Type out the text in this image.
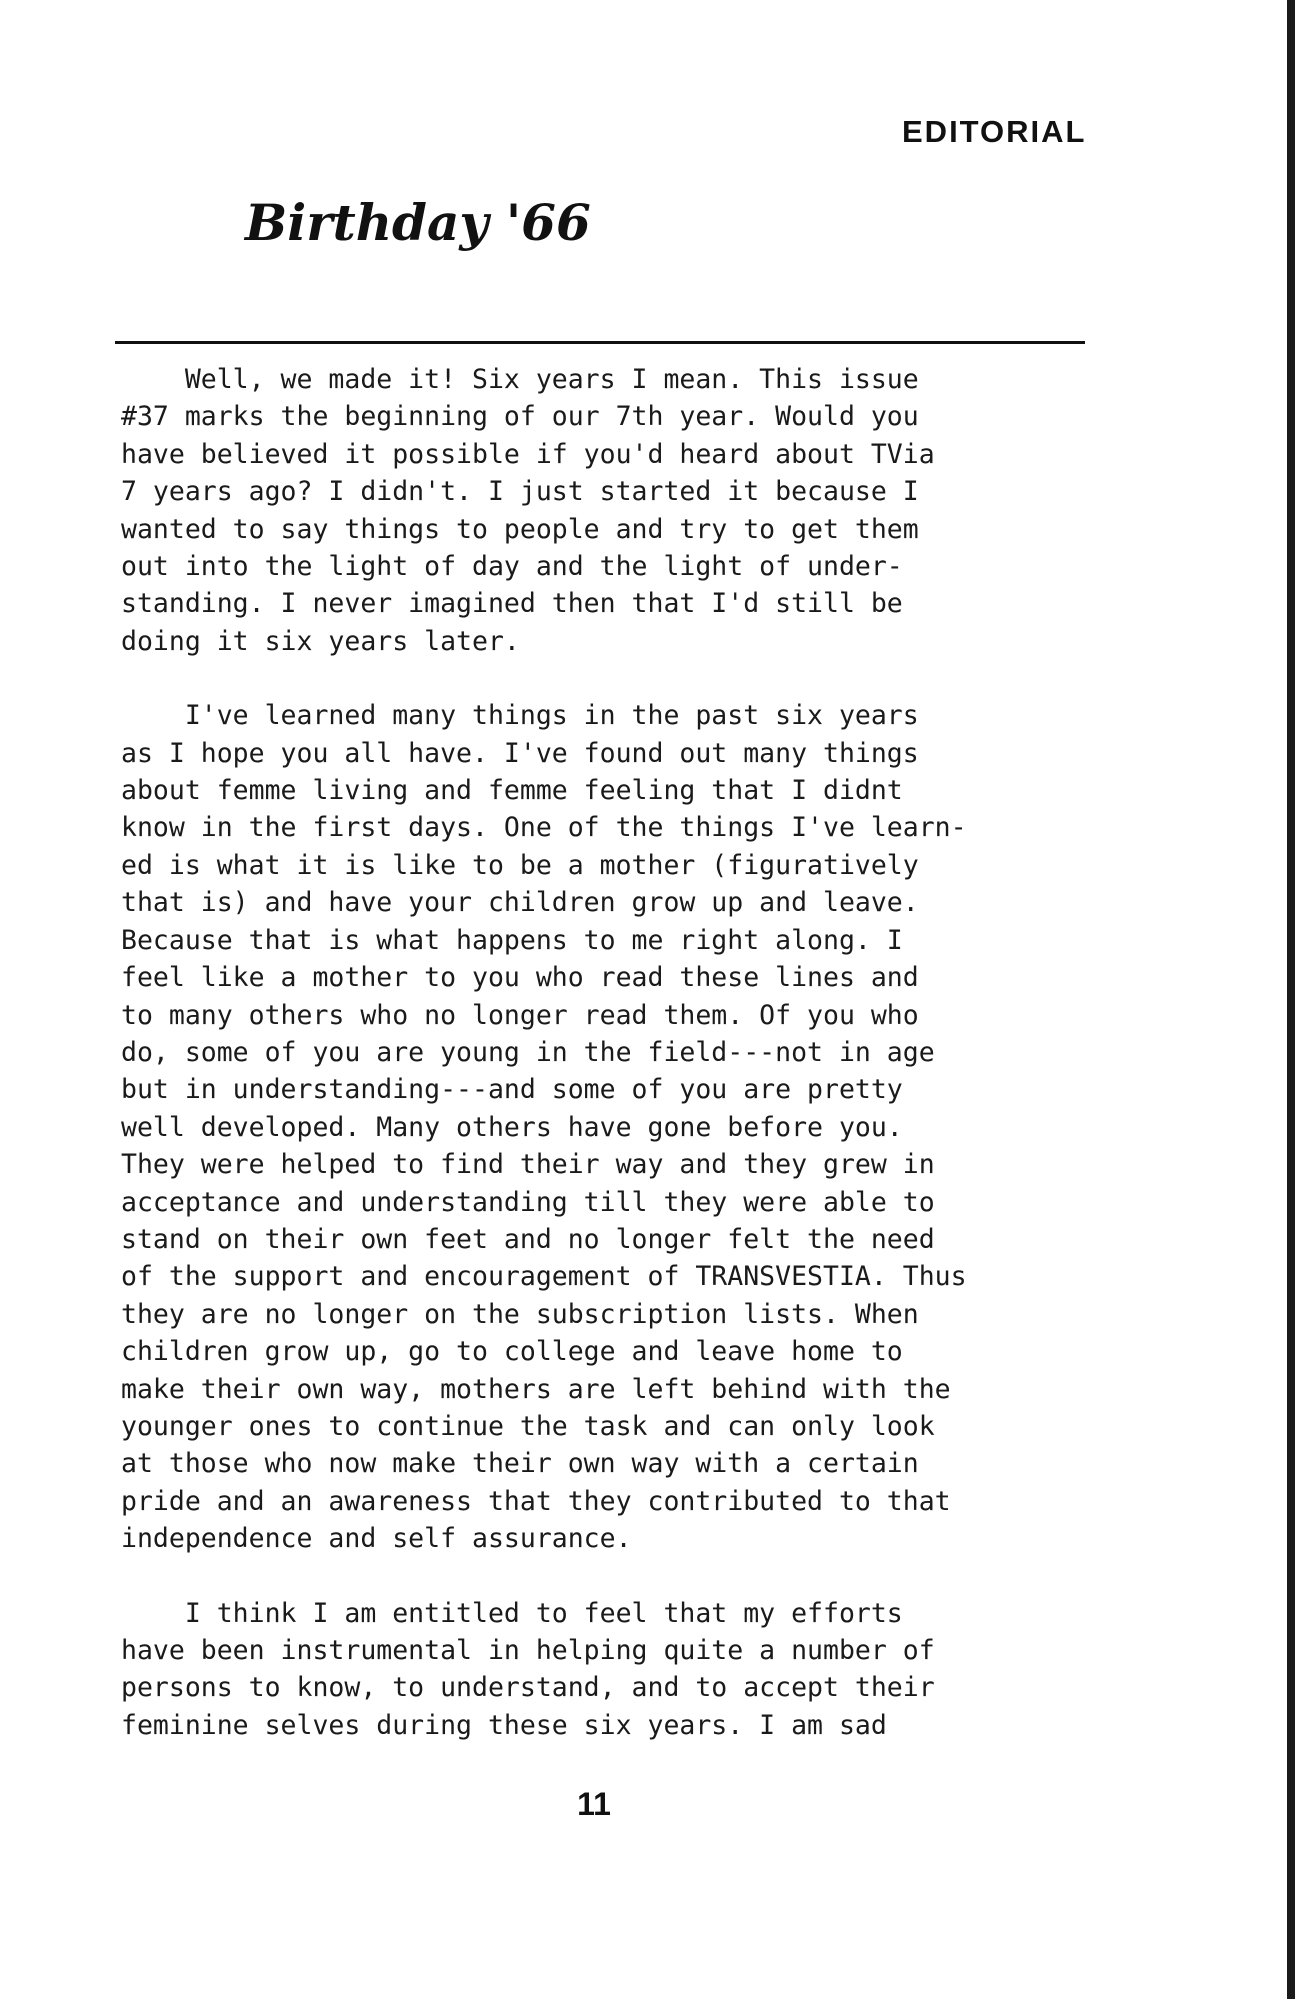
EDITORIAL
Birthday '66

Well, we made it! Six years I mean. This issue
#37 marks the beginning of our 7th year. Would you
have believed it possible if you'd heard about TVia
7 years ago? I didn't. I just started it because I
wanted to say things to people and try to get them
out into the light of day and the light of under-
standing. I never imagined then that I'd still be
doing it six years later.

I've learned many things in the past six years
as I hope you all have. I've found out many things
about femme living and femme feeling that I didnt
know in the first days. One of the things I've learn-
ed is what it is like to be a mother (figuratively
that is) and have your children grow up and leave.
Because that is what happens to me right along. I
feel like a mother to you who read these lines and
to many others who no longer read them. Of you who
do, some of you are young in the field---not in age
but in understanding---and some of you are pretty
well developed. Many others have gone before you.
They were helped to find their way and they grew in
acceptance and understanding till they were able to
stand on their own feet and no longer felt the need
of the support and encouragement of TRANSVESTIA. Thus
they are no longer on the subscription lists. When
children grow up, go to college and leave home to
make their own way, mothers are left behind with the
younger ones to continue the task and can only look
at those who now make their own way with a certain
pride and an awareness that they contributed to that
independence and self assurance.

I think I am entitled to feel that my efforts
have been instrumental in helping quite a number of
persons to know, to understand, and to accept their
feminine selves during these six years. I am sad

11
